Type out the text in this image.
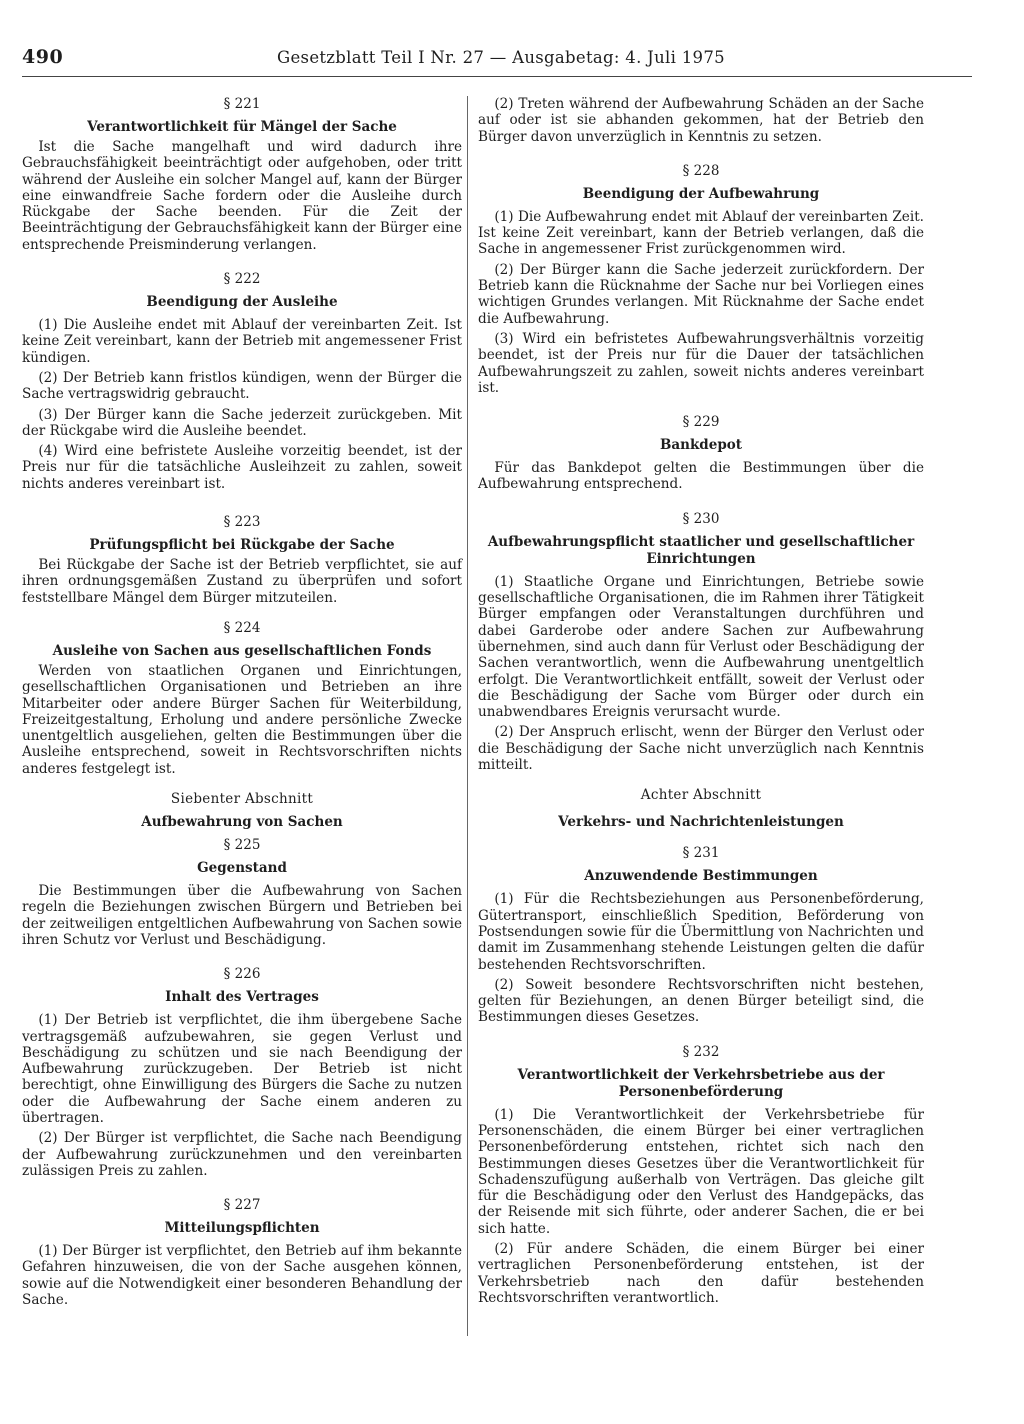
490	Gesetzblatt Teil I Nr. 27 — Ausgabetag: 4. Juli 1975

§ 221

Verantwortlichkeit für Mängel der Sache

Ist die Sache mangelhaft und wird dadurch ihre Gebrauchsfähigkeit beeinträchtigt oder aufgehoben, oder tritt während der Ausleihe ein solcher Mangel auf, kann der Bürger eine einwandfreie Sache fordern oder die Ausleihe durch Rückgabe der Sache beenden. Für die Zeit der Beeinträchtigung der Gebrauchsfähigkeit kann der Bürger eine entsprechende Preisminderung verlangen.

§ 222

Beendigung der Ausleihe

(1) Die Ausleihe endet mit Ablauf der vereinbarten Zeit. Ist keine Zeit vereinbart, kann der Betrieb mit angemessener Frist kündigen.

(2) Der Betrieb kann fristlos kündigen, wenn der Bürger die Sache vertragswidrig gebraucht.

(3) Der Bürger kann die Sache jederzeit zurückgeben. Mit der Rückgabe wird die Ausleihe beendet.

(4) Wird eine befristete Ausleihe vorzeitig beendet, ist der Preis nur für die tatsächliche Ausleihzeit zu zahlen, soweit nichts anderes vereinbart ist.

§ 223

Prüfungspflicht bei Rückgabe der Sache

Bei Rückgabe der Sache ist der Betrieb verpflichtet, sie auf ihren ordnungsgemäßen Zustand zu überprüfen und sofort feststellbare Mängel dem Bürger mitzuteilen.

§ 224

Ausleihe von Sachen aus gesellschaftlichen Fonds

Werden von staatlichen Organen und Einrichtungen, gesellschaftlichen Organisationen und Betrieben an ihre Mitarbeiter oder andere Bürger Sachen für Weiterbildung, Freizeitgestaltung, Erholung und andere persönliche Zwecke unentgeltlich ausgeliehen, gelten die Bestimmungen über die Ausleihe entsprechend, soweit in Rechtsvorschriften nichts anderes festgelegt ist.

Siebenter Abschnitt

Aufbewahrung von Sachen

§ 225

Gegenstand

Die Bestimmungen über die Aufbewahrung von Sachen regeln die Beziehungen zwischen Bürgern und Betrieben bei der zeitweiligen entgeltlichen Aufbewahrung von Sachen sowie ihren Schutz vor Verlust und Beschädigung.

§ 226

Inhalt des Vertrages

(1) Der Betrieb ist verpflichtet, die ihm übergebene Sache vertragsgemäß aufzubewahren, sie gegen Verlust und Beschädigung zu schützen und sie nach Beendigung der Aufbewahrung zurückzugeben. Der Betrieb ist nicht berechtigt, ohne Einwilligung des Bürgers die Sache zu nutzen oder die Aufbewahrung der Sache einem anderen zu übertragen.

(2) Der Bürger ist verpflichtet, die Sache nach Beendigung der Aufbewahrung zurückzunehmen und den vereinbarten zulässigen Preis zu zahlen.

§ 227

Mitteilungspflichten

(1) Der Bürger ist verpflichtet, den Betrieb auf ihm bekannte Gefahren hinzuweisen, die von der Sache ausgehen können, sowie auf die Notwendigkeit einer besonderen Behandlung der Sache.

(2) Treten während der Aufbewahrung Schäden an der Sache auf oder ist sie abhanden gekommen, hat der Betrieb den Bürger davon unverzüglich in Kenntnis zu setzen.

§ 228

Beendigung der Aufbewahrung

(1) Die Aufbewahrung endet mit Ablauf der vereinbarten Zeit. Ist keine Zeit vereinbart, kann der Betrieb verlangen, daß die Sache in angemessener Frist zurückgenommen wird.

(2) Der Bürger kann die Sache jederzeit zurückfordern. Der Betrieb kann die Rücknahme der Sache nur bei Vorliegen eines wichtigen Grundes verlangen. Mit Rücknahme der Sache endet die Aufbewahrung.

(3) Wird ein befristetes Aufbewahrungsverhältnis vorzeitig beendet, ist der Preis nur für die Dauer der tatsächlichen Aufbewahrungszeit zu zahlen, soweit nichts anderes vereinbart ist.

§ 229

Bankdepot

Für das Bankdepot gelten die Bestimmungen über die Aufbewahrung entsprechend.

§ 230

Aufbewahrungspflicht staatlicher und gesellschaftlicher Einrichtungen

(1) Staatliche Organe und Einrichtungen, Betriebe sowie gesellschaftliche Organisationen, die im Rahmen ihrer Tätigkeit Bürger empfangen oder Veranstaltungen durchführen und dabei Garderobe oder andere Sachen zur Aufbewahrung übernehmen, sind auch dann für Verlust oder Beschädigung der Sachen verantwortlich, wenn die Aufbewahrung unentgeltlich erfolgt. Die Verantwortlichkeit entfällt, soweit der Verlust oder die Beschädigung der Sache vom Bürger oder durch ein unabwendbares Ereignis verursacht wurde.

(2) Der Anspruch erlischt, wenn der Bürger den Verlust oder die Beschädigung der Sache nicht unverzüglich nach Kenntnis mitteilt.

Achter Abschnitt

Verkehrs- und Nachrichtenleistungen

§ 231

Anzuwendende Bestimmungen

(1) Für die Rechtsbeziehungen aus Personenbeförderung, Gütertransport, einschließlich Spedition, Beförderung von Postsendungen sowie für die Übermittlung von Nachrichten und damit im Zusammenhang stehende Leistungen gelten die dafür bestehenden Rechtsvorschriften.

(2) Soweit besondere Rechtsvorschriften nicht bestehen, gelten für Beziehungen, an denen Bürger beteiligt sind, die Bestimmungen dieses Gesetzes.

§ 232

Verantwortlichkeit der Verkehrsbetriebe aus der Personenbeförderung

(1) Die Verantwortlichkeit der Verkehrsbetriebe für Personenschäden, die einem Bürger bei einer vertraglichen Personenbeförderung entstehen, richtet sich nach den Bestimmungen dieses Gesetzes über die Verantwortlichkeit für Schadenszufügung außerhalb von Verträgen. Das gleiche gilt für die Beschädigung oder den Verlust des Handgepäcks, das der Reisende mit sich führte, oder anderer Sachen, die er bei sich hatte.

(2) Für andere Schäden, die einem Bürger bei einer vertraglichen Personenbeförderung entstehen, ist der Verkehrsbetrieb nach den dafür bestehenden Rechtsvorschriften verantwortlich.
